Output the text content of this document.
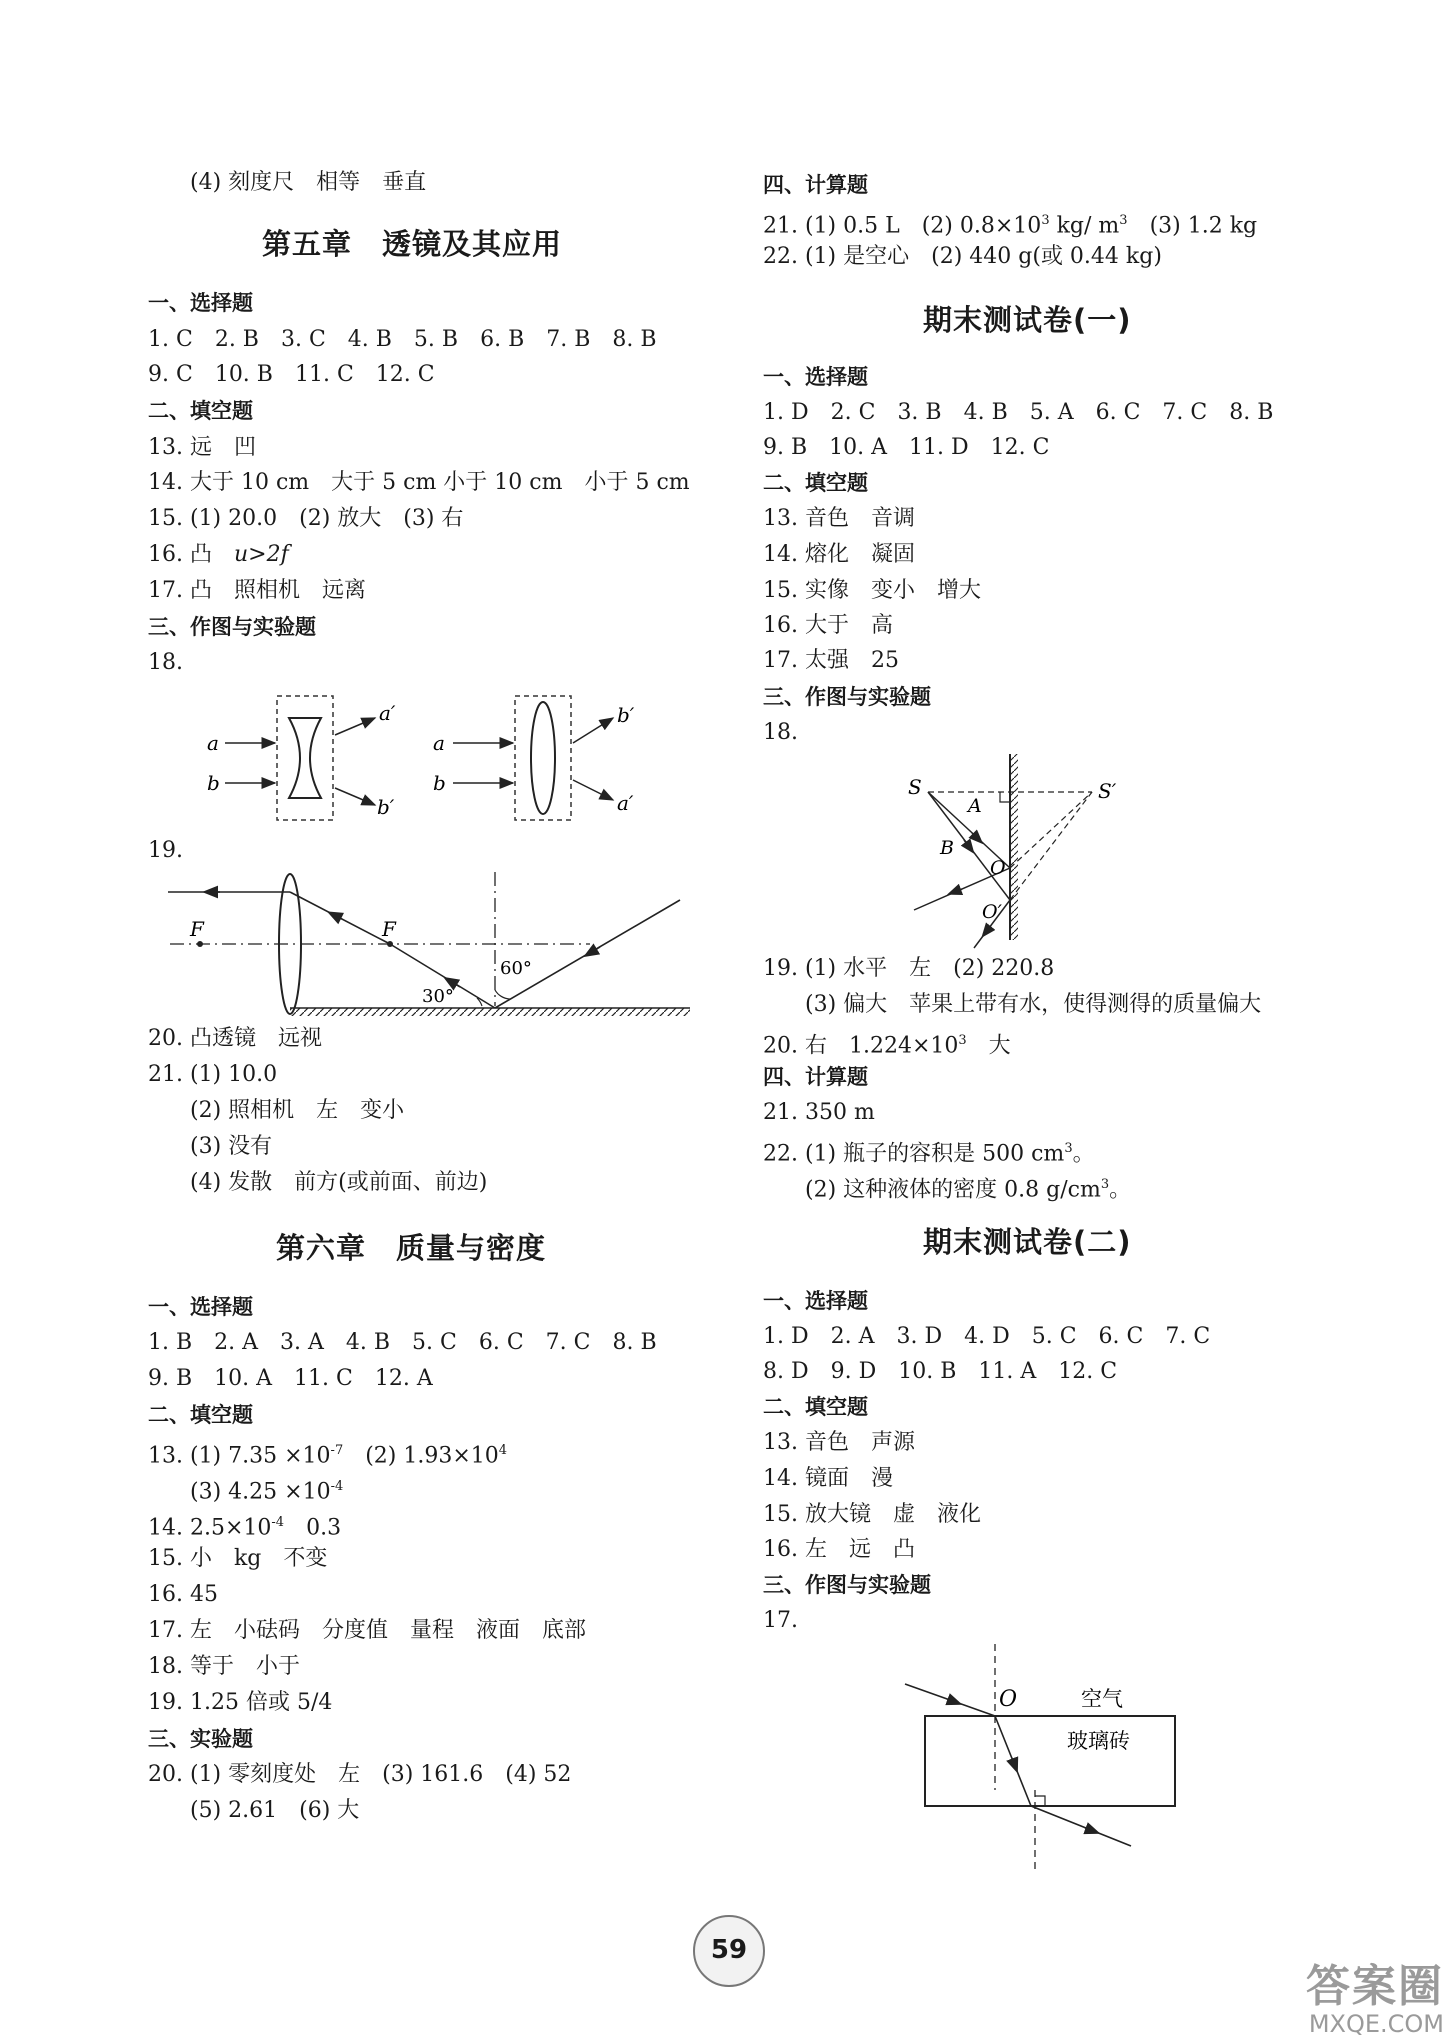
(4) 刻度尺　相等　垂直
第五章　透镜及其应用
一、选择题
1. C　2. B　3. C　4. B　5. B　6. B　7. B　8. B
9. C　10. B　11. C　12. C
二、填空题
13. 远　凹
14. 大于 10 cm　大于 5 cm 小于 10 cm　小于 5 cm
15. (1) 20.0　(2) 放大　(3) 右
16. 凸　u>2f
17. 凸　照相机　远离
三、作图与实验题
18.
a
b
a′
b′
a
b
b′
a′
19.
F	F
30°
60°
20. 凸透镜　远视
21. (1) 10.0
(2) 照相机　左　变小
(3) 没有
(4) 发散　前方(或前面、前边)
第六章　质量与密度
一、选择题
1. B　2. A　3. A　4. B　5. C　6. C　7. C　8. B
9. B　10. A　11. C　12. A
二、填空题
13. (1) $7.35 \times 10^{-7}$　(2) $1.93\times 10^4$
(3) $4.25 \times 10^{-4}$
14. $2.5\times 10^{-4}$　0.3
15. 小　kg　不变
16. 45
17. 左　小砝码　分度值　量程　液面　底部
18. 等于　小于
19. 1.25 倍或 5/4
三、实验题
20. (1) 零刻度处　左　(3) 161.6　(4) 52
(5) 2.61　(6) 大
四、计算题
21. (1) 0.5 L　(2) $0.8\times 10^3$ kg/ $m^3$　(3) 1.2 kg
22. (1) 是空心　(2) 440 g(或 0.44 kg)
期末测试卷(一)
一、选择题
1. D　2. C　3. B　4. B　5. A　6. C　7. C　8. B
9. B　10. A　11. D　12. C
二、填空题
13. 音色　音调
14. 熔化　凝固
15. 实像　变小　增大
16. 大于　高
17. 太强　25
三、作图与实验题
18.
S	S′
A
B
O
O′
19. (1) 水平　左　(2) 220.8
(3) 偏大　苹果上带有水，使得测得的质量偏大
20. 右　$1.224\times 10^3$　大
四、计算题
21. 350 m
22. (1) 瓶子的容积是 500 $cm^3$。
(2) 这种液体的密度 0.8 $g/cm^3$。
期末测试卷(二)
一、选择题
1. D　2. A　3. D　4. D　5. C　6. C　7. C
8. D　9. D　10. B　11. A　12. C
二、填空题
13. 音色　声源
14. 镜面　漫
15. 放大镜　虚　液化
16. 左　远　凸
三、作图与实验题
17.
O	空气
玻璃砖
59
答案圈
MXQE.COM
